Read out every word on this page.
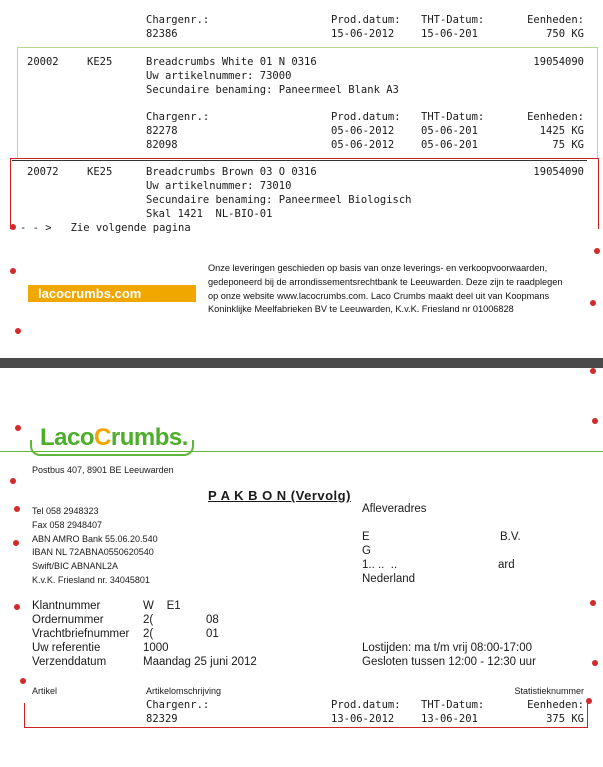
Chargenr.:	Prod.datum: THT-Datum:	Eenheden:
82386	15-06-2012	15-06-201	750 KG
20002	KE25	Breadcrumbs White 01 N 0316	19054090
Uw artikelnummer: 73000
Secundaire benaming: Paneermeel Blank A3
Chargenr.:	Prod.datum: THT-Datum:	Eenheden:
82278	05-06-2012	05-06-201	1425 KG
82098	05-06-2012	05-06-201	75 KG
20072	KE25	Breadcrumbs Brown 03 O 0316	19054090
Uw artikelnummer: 73010
Secundaire benaming: Paneermeel Biologisch
Skal 1421  NL-BIO-01
- - >   Zie volgende pagina
lacocrumbs.com
Onze leveringen geschieden op basis van onze leverings- en verkoopvoorwaarden,
gedeponeerd bij de arrondissementsrechtbank te Leeuwarden. Deze zijn te raadplegen
op onze website www.lacocrumbs.com. Laco Crumbs maakt deel uit van Koopmans
Koninklijke Meelfabrieken BV te Leeuwarden, K.v.K. Friesland nr 01006828
LacoCrumbs.
Postbus 407, 8901 BE Leeuwarden
P A K B O N (Vervolg)
Tel 058 2948323
Fax 058 2948407
ABN AMRO Bank 55.06.20.540
IBAN NL 72ABNA0550620540
Swift/BIC ABNANL2A
K.v.K. Friesland nr. 34045801
Afleveradres
E	B.V.
G
1.. ..  ..	ard
Nederland
Klantnummer	W    E1
Ordernummer	2(	08
Vrachtbriefnummer 2(	01
Uw referentie	1000
Verzenddatum	Maandag 25 juni 2012
Lostijden: ma t/m vrij 08:00-17:00
Gesloten tussen 12:00 - 12:30 uur
Artikel	Artikelomschrijving	Statistieknummer
Chargenr.:	Prod.datum: THT-Datum:	Eenheden:
82329	13-06-2012	13-06-201	375 KG
